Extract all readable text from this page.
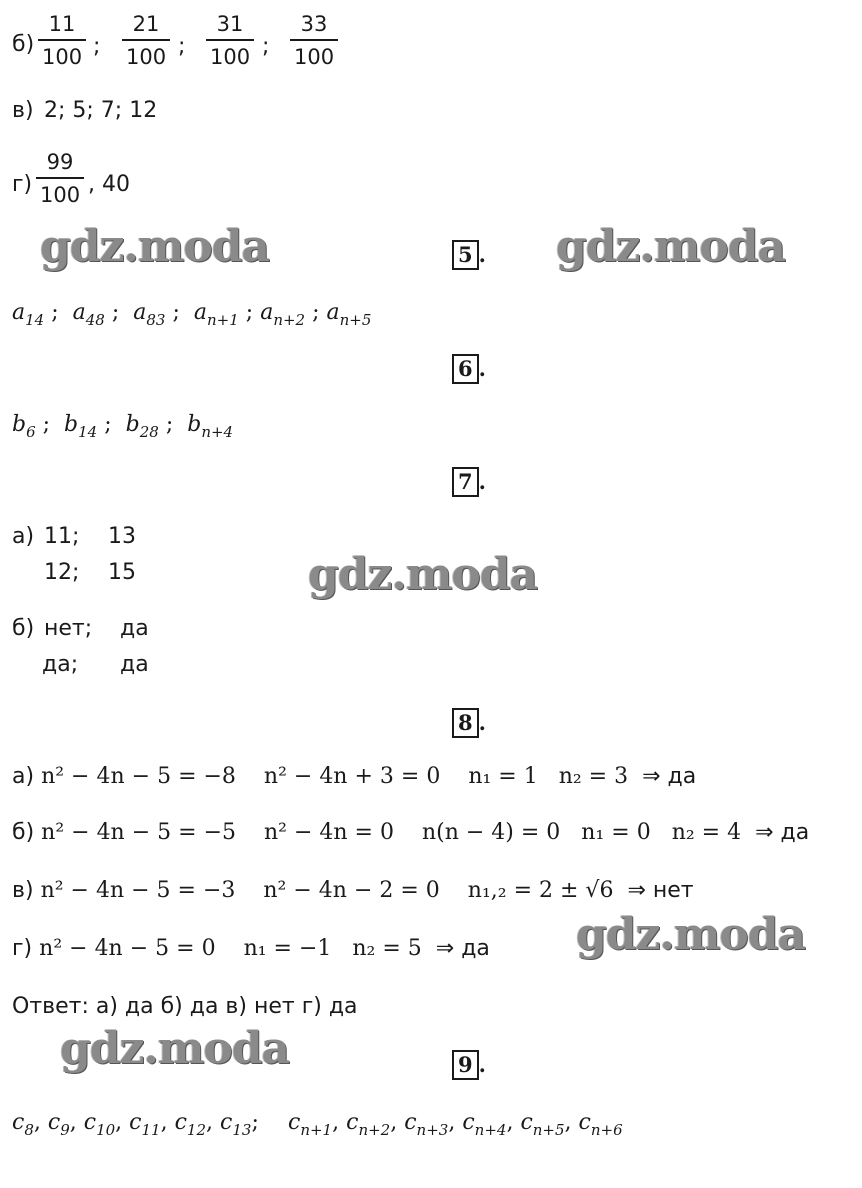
б)
11
100 ;
21
100 ;
31
100 ;
33
100
в) 2; 5; 7; 12
г)
99
100 , 40
gdz.moda	gdz.moda
5 .
$a_{14}$ ;  $a_{48}$ ;  $a_{83}$ ;  $a_{n+1}$ ; $a_{n+2}$ ; $a_{n+5}$
6 .
$b_6$ ;  $b_{14}$ ;  $b_{28}$ ;  $b_{n+4}$
7 .
а) 11; 13
12; 15	gdz.moda
б) нет; да
да; да
8 .
а) n² − 4n − 5 = −8 n² − 4n + 3 = 0 n₁ = 1 n₂ = 3 ⇒ да
б) n² − 4n − 5 = −5 n² − 4n = 0 n(n − 4) = 0 n₁ = 0 n₂ = 4 ⇒ да
в) n² − 4n − 5 = −3 n² − 4n − 2 = 0 n₁,₂ = 2 ± √6 ⇒ нет
gdz.moda
г) n² − 4n − 5 = 0 n₁ = −1 n₂ = 5 ⇒ да
Ответ: а) да б) да в) нет г) да
gdz.moda	9 .
$c_8$, $c_9$, $c_{10}$, $c_{11}$, $c_{12}$, $c_{13}$; $c_{n+1}$, $c_{n+2}$, $c_{n+3}$, $c_{n+4}$, $c_{n+5}$, $c_{n+6}$
